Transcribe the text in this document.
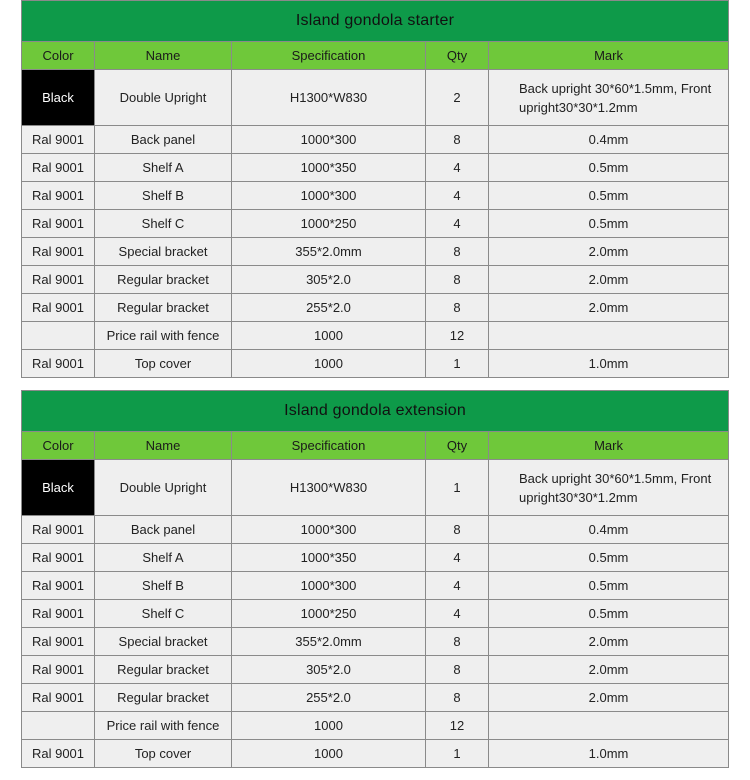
Island gondola starter				
Color	Name	Specification	Qty	Mark
Black	Double Upright	H1300*W830	2	Back upright 30*60*1.5mm, Front upright30*30*1.2mm
Ral 9001	Back panel	1000*300	8	0.4mm
Ral 9001	Shelf A	1000*350	4	0.5mm
Ral 9001	Shelf B	1000*300	4	0.5mm
Ral 9001	Shelf C	1000*250	4	0.5mm
Ral 9001	Special bracket	355*2.0mm	8	2.0mm
Ral 9001	Regular bracket	305*2.0	8	2.0mm
Ral 9001	Regular bracket	255*2.0	8	2.0mm
	Price rail with fence	1000	12	
Ral 9001	Top cover	1000	1	1.0mm
Island gondola extension				
Color	Name	Specification	Qty	Mark
Black	Double Upright	H1300*W830	1	Back upright 30*60*1.5mm, Front upright30*30*1.2mm
Ral 9001	Back panel	1000*300	8	0.4mm
Ral 9001	Shelf A	1000*350	4	0.5mm
Ral 9001	Shelf B	1000*300	4	0.5mm
Ral 9001	Shelf C	1000*250	4	0.5mm
Ral 9001	Special bracket	355*2.0mm	8	2.0mm
Ral 9001	Regular bracket	305*2.0	8	2.0mm
Ral 9001	Regular bracket	255*2.0	8	2.0mm
	Price rail with fence	1000	12	
Ral 9001	Top cover	1000	1	1.0mm
